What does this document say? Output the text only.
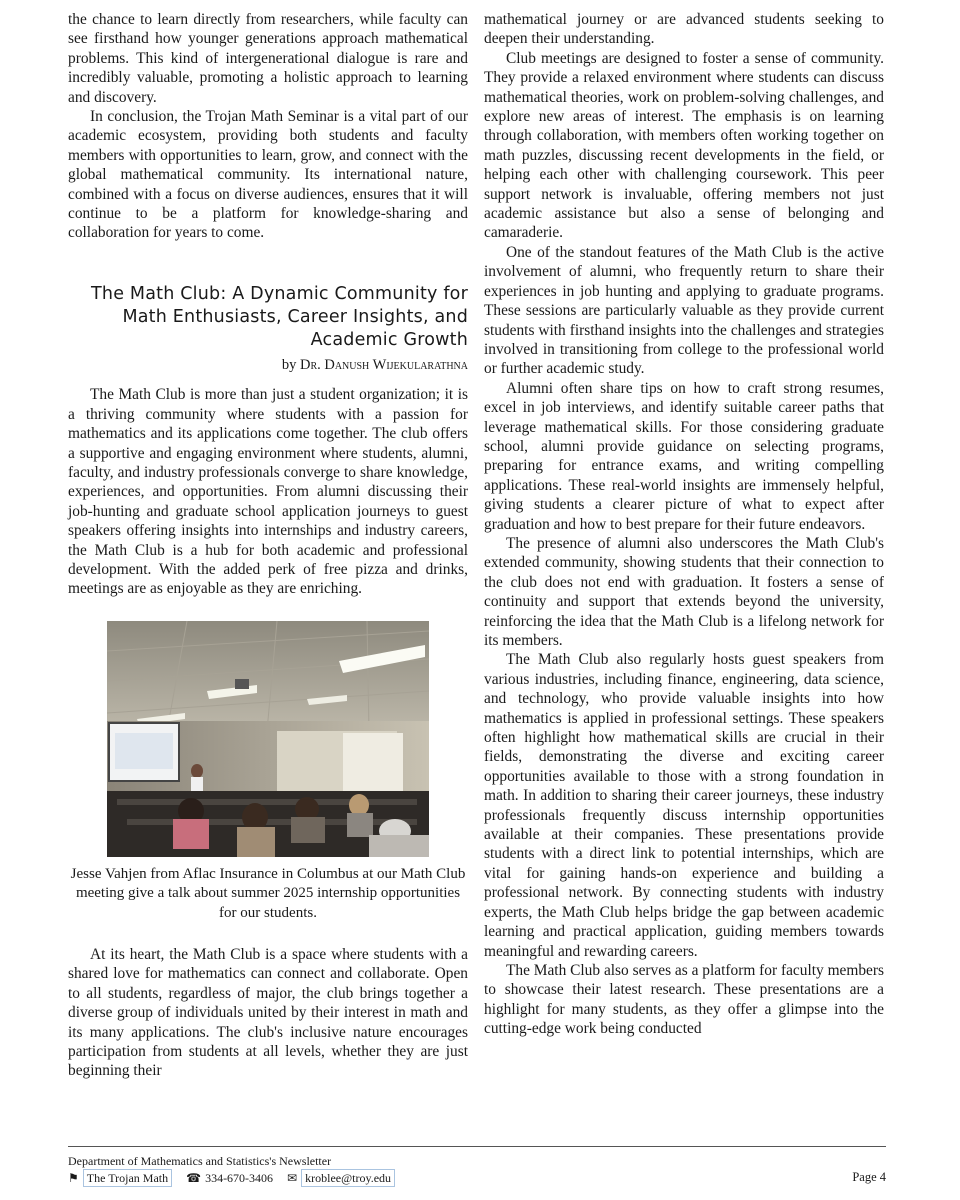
the chance to learn directly from researchers, while faculty can see firsthand how younger generations approach mathematical problems. This kind of intergenerational dialogue is rare and incredibly valuable, promoting a holistic approach to learning and discovery.

In conclusion, the Trojan Math Seminar is a vital part of our academic ecosystem, providing both students and faculty members with opportunities to learn, grow, and connect with the global mathematical community. Its international nature, combined with a focus on diverse audiences, ensures that it will continue to be a platform for knowledge-sharing and collaboration for years to come.

The Math Club: A Dynamic Community for Math Enthusiasts, Career Insights, and Academic Growth
by Dr. Danush Wijekularathna

The Math Club is more than just a student organization; it is a thriving community where students with a passion for mathematics and its applications come together. The club offers a supportive and engaging environment where students, alumni, faculty, and industry professionals converge to share knowledge, experiences, and opportunities. From alumni discussing their job-hunting and graduate school application journeys to guest speakers offering insights into internships and industry careers, the Math Club is a hub for both academic and professional development. With the added perk of free pizza and drinks, meetings are as enjoyable as they are enriching.

Jesse Vahjen from Aflac Insurance in Columbus at our Math Club meeting give a talk about summer 2025 internship opportunities for our students.

At its heart, the Math Club is a space where students with a shared love for mathematics can connect and collaborate. Open to all students, regardless of major, the club brings together a diverse group of individuals united by their interest in math and its many applications. The club's inclusive nature encourages participation from students at all levels, whether they are just beginning their

mathematical journey or are advanced students seeking to deepen their understanding.

Club meetings are designed to foster a sense of community. They provide a relaxed environment where students can discuss mathematical theories, work on problem-solving challenges, and explore new areas of interest. The emphasis is on learning through collaboration, with members often working together on math puzzles, discussing recent developments in the field, or helping each other with challenging coursework. This peer support network is invaluable, offering members not just academic assistance but also a sense of belonging and camaraderie.

One of the standout features of the Math Club is the active involvement of alumni, who frequently return to share their experiences in job hunting and applying to graduate programs. These sessions are particularly valuable as they provide current students with firsthand insights into the challenges and strategies involved in transitioning from college to the professional world or further academic study.

Alumni often share tips on how to craft strong resumes, excel in job interviews, and identify suitable career paths that leverage mathematical skills. For those considering graduate school, alumni provide guidance on selecting programs, preparing for entrance exams, and writing compelling applications. These real-world insights are immensely helpful, giving students a clearer picture of what to expect after graduation and how to best prepare for their future endeavors.

The presence of alumni also underscores the Math Club's extended community, showing students that their connection to the club does not end with graduation. It fosters a sense of continuity and support that extends beyond the university, reinforcing the idea that the Math Club is a lifelong network for its members.

The Math Club also regularly hosts guest speakers from various industries, including finance, engineering, data science, and technology, who provide valuable insights into how mathematics is applied in professional settings. These speakers often highlight how mathematical skills are crucial in their fields, demonstrating the diverse and exciting career opportunities available to those with a strong foundation in math. In addition to sharing their career journeys, these industry professionals frequently discuss internship opportunities available at their companies. These presentations provide students with a direct link to potential internships, which are vital for gaining hands-on experience and building a professional network. By connecting students with industry experts, the Math Club helps bridge the gap between academic learning and practical application, guiding members towards meaningful and rewarding careers.

The Math Club also serves as a platform for faculty members to showcase their latest research. These presentations are a highlight for many students, as they offer a glimpse into the cutting-edge work being conducted

Department of Mathematics and Statistics's Newsletter
⚑ The Trojan Math	☎ 334-670-3406 ✉ kroblee@troy.edu	Page 4
